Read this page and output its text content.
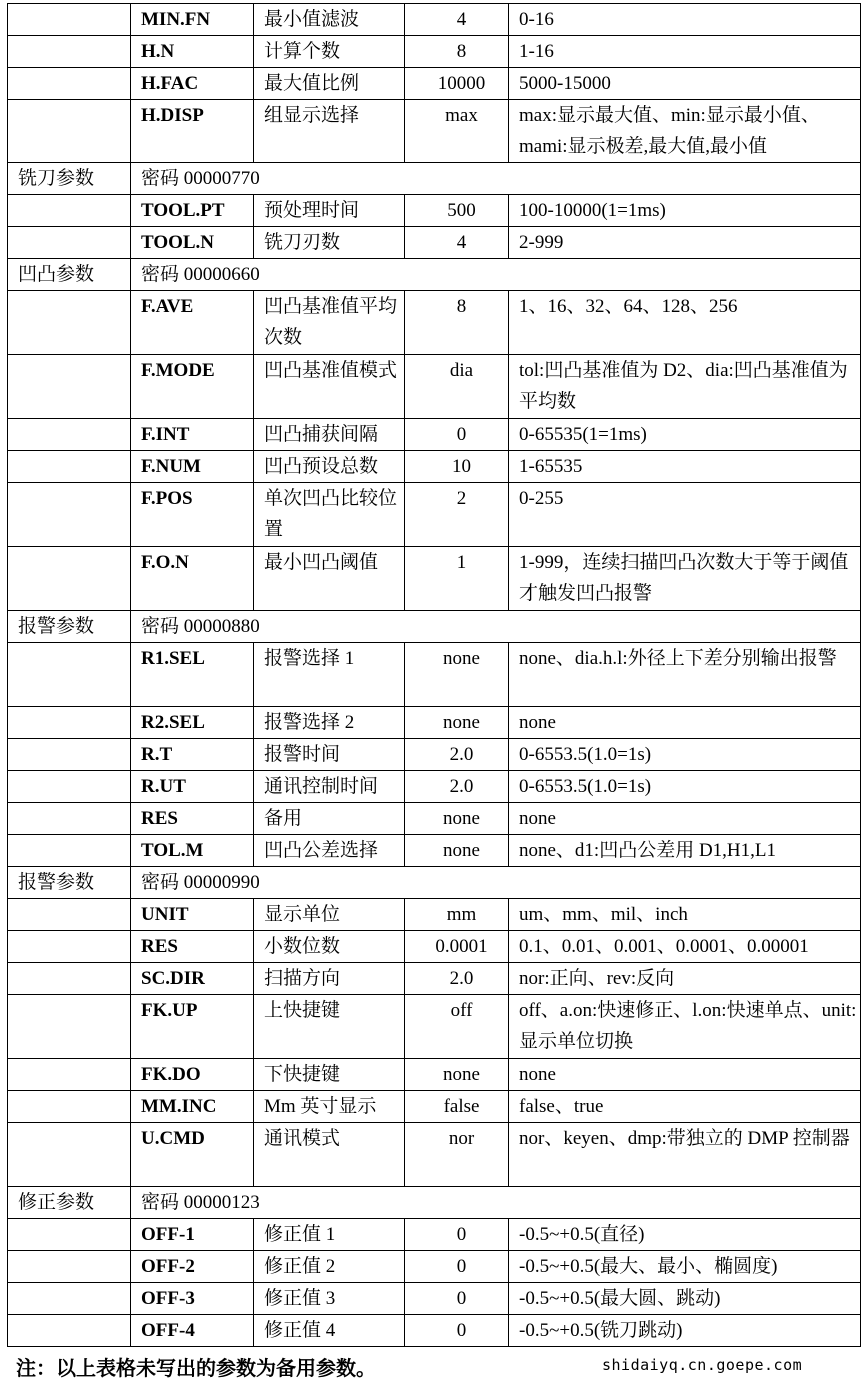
	MIN.FN	最小值滤波	4	0-16
	H.N	计算个数	8	1-16
	H.FAC	最大值比例	10000	5000-15000
	H.DISP	组显示选择	max	max:显示最大值、min:显示最小值、mami:显示极差,最大值,最小值
铣刀参数	密码 00000770			
	TOOL.PT	预处理时间	500	100-10000(1=1ms)
	TOOL.N	铣刀刃数	4	2-999
凹凸参数	密码 00000660			
	F.AVE	凹凸基准值平均次数	8	1、16、32、64、128、256
	F.MODE	凹凸基准值模式	dia	tol:凹凸基准值为 D2、dia:凹凸基准值为平均数
	F.INT	凹凸捕获间隔	0	0-65535(1=1ms)
	F.NUM	凹凸预设总数	10	1-65535
	F.POS	单次凹凸比较位置	2	0-255
	F.O.N	最小凹凸阈值	1	1-999，连续扫描凹凸次数大于等于阈值才触发凹凸报警
报警参数	密码 00000880			
	R1.SEL	报警选择 1	none	none、dia.h.l:外径上下差分别输出报警
	R2.SEL	报警选择 2	none	none
	R.T	报警时间	2.0	0-6553.5(1.0=1s)
	R.UT	通讯控制时间	2.0	0-6553.5(1.0=1s)
	RES	备用	none	none
	TOL.M	凹凸公差选择	none	none、d1:凹凸公差用 D1,H1,L1
报警参数	密码 00000990			
	UNIT	显示单位	mm	um、mm、mil、inch
	RES	小数位数	0.0001	0.1、0.01、0.001、0.0001、0.00001
	SC.DIR	扫描方向	2.0	nor:正向、rev:反向
	FK.UP	上快捷键	off	off、a.on:快速修正、l.on:快速单点、unit:显示单位切换
	FK.DO	下快捷键	none	none
	MM.INC	Mm 英寸显示	false	false、true
	U.CMD	通讯模式	nor	nor、keyen、dmp:带独立的 DMP 控制器
修正参数	密码 00000123			
	OFF-1	修正值 1	0	-0.5~+0.5(直径)
	OFF-2	修正值 2	0	-0.5~+0.5(最大、最小、椭圆度)
	OFF-3	修正值 3	0	-0.5~+0.5(最大圆、跳动)
	OFF-4	修正值 4	0	-0.5~+0.5(铣刀跳动)
注：以上表格未写出的参数为备用参数。	shidaiyq.cn.goepe.com
